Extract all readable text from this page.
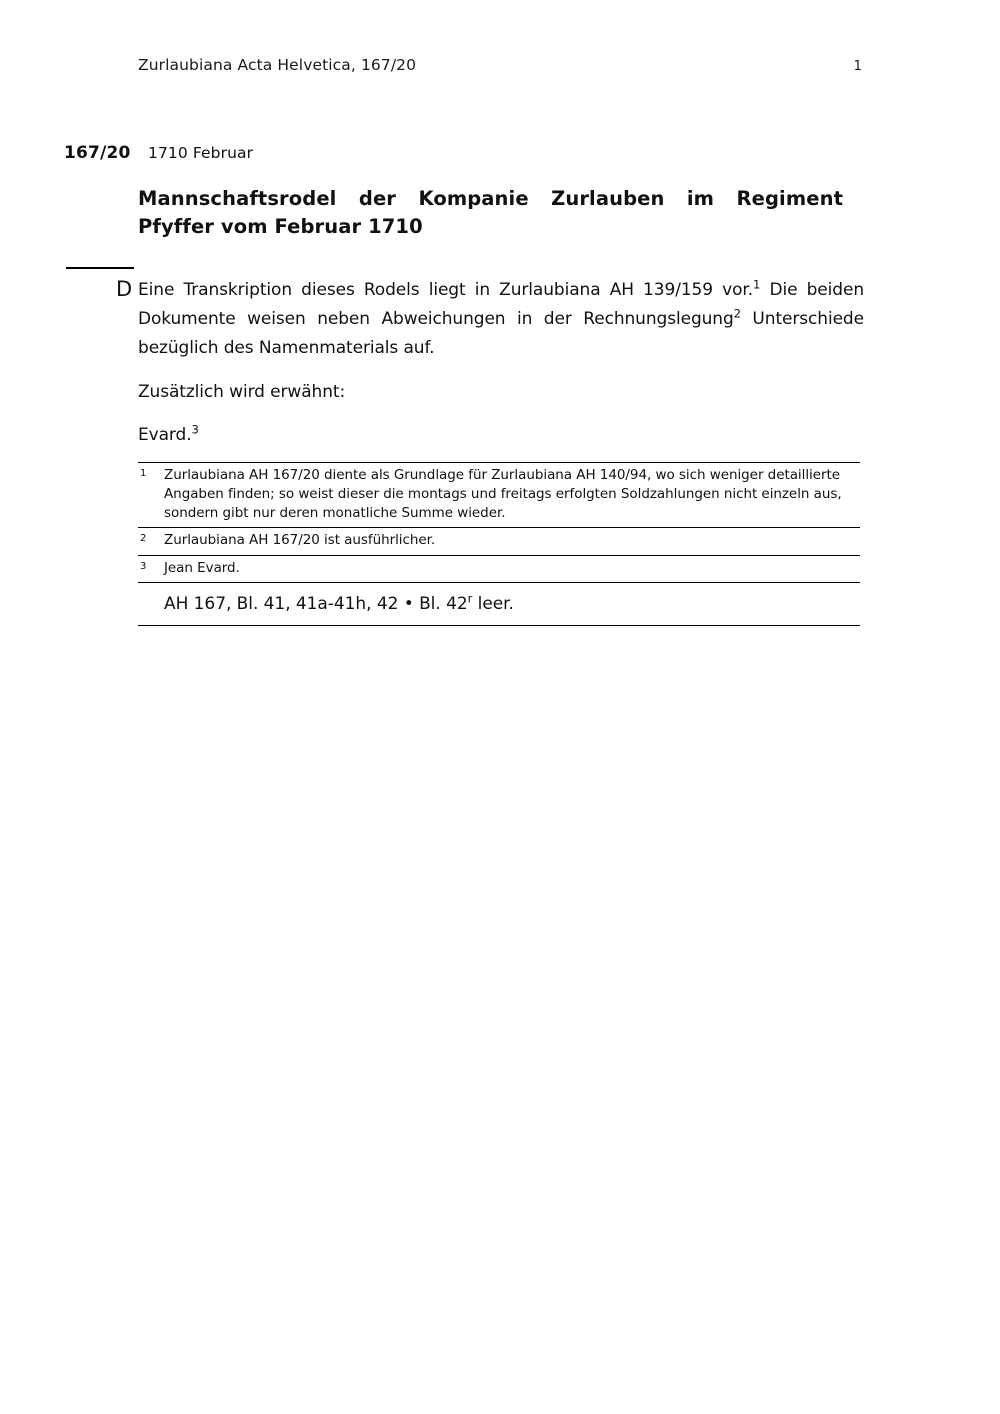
Zurlaubiana Acta Helvetica, 167/20	1
167/20	1710 Februar
Mannschaftsrodel der Kompanie Zurlauben im Regiment Pfyffer vom Februar 1710
D Eine Transkription dieses Rodels liegt in Zurlaubiana AH 139/159 vor.$^1$ Die beiden Dokumente weisen neben Abweichungen in der Rechnungslegung$^2$ Unterschiede bezüglich des Namenmaterials auf.

Zusätzlich wird erwähnt:

Evard.$^3$

1	Zurlaubiana AH 167/20 diente als Grundlage für Zurlaubiana AH 140/94, wo sich weniger detaillierte Angaben finden; so weist dieser die montags und freitags erfolgten Soldzahlungen nicht einzeln aus, sondern gibt nur deren monatliche Summe wieder.
2	Zurlaubiana AH 167/20 ist ausführlicher.
3	Jean Evard.
AH 167, Bl. 41, 41a-41h, 42 • Bl. 42$^r$ leer.
